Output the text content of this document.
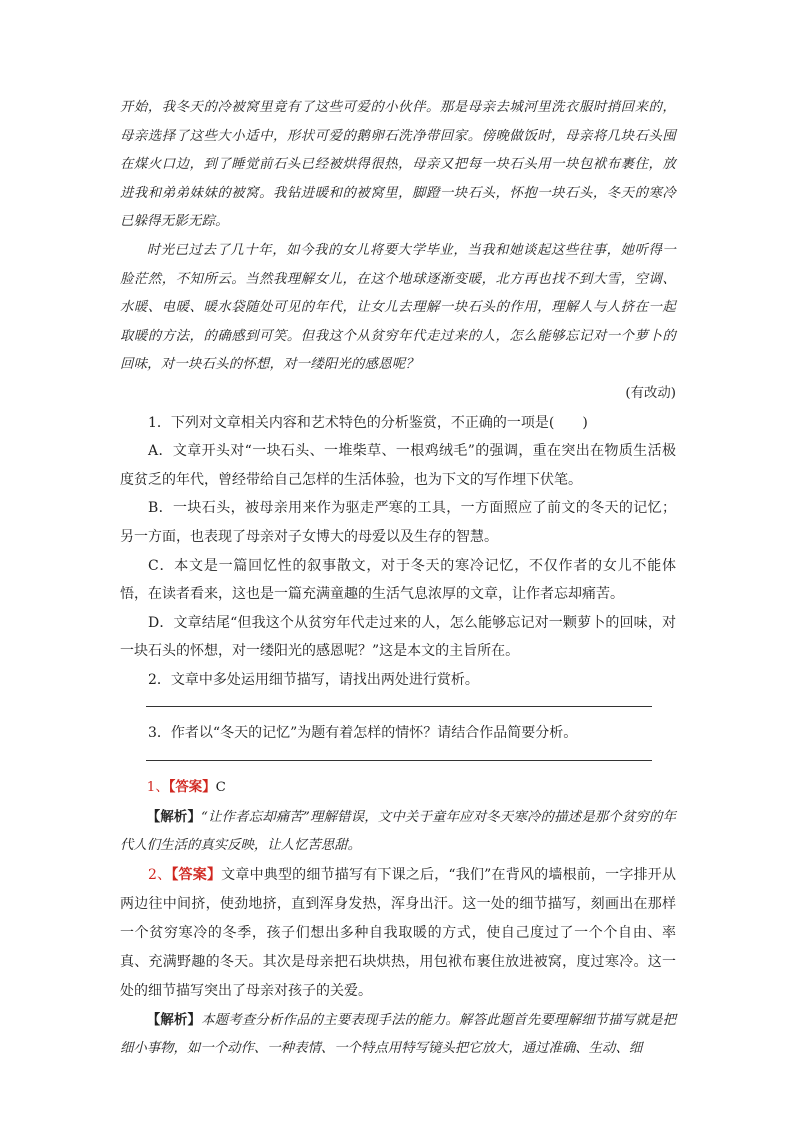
开始，我冬天的冷被窝里竟有了这些可爱的小伙伴。那是母亲去城河里洗衣服时捎回来的，母亲选择了这些大小适中，形状可爱的鹅卵石洗净带回家。傍晚做饭时，母亲将几块石头囤在煤火口边，到了睡觉前石头已经被烘得很热，母亲又把每一块石头用一块包袱布裹住，放进我和弟弟妹妹的被窝。我钻进暖和的被窝里，脚蹬一块石头，怀抱一块石头，冬天的寒冷已躲得无影无踪。

时光已过去了几十年，如今我的女儿将要大学毕业，当我和她谈起这些往事，她听得一脸茫然，不知所云。当然我理解女儿，在这个地球逐渐变暖，北方再也找不到大雪，空调、水暖、电暖、暖水袋随处可见的年代，让女儿去理解一块石头的作用，理解人与人挤在一起取暖的方法，的确感到可笑。但我这个从贫穷年代走过来的人，怎么能够忘记对一个萝卜的回味，对一块石头的怀想，对一缕阳光的感恩呢？

(有改动)

1．下列对文章相关内容和艺术特色的分析鉴赏，不正确的一项是(　　)

A．文章开头对“一块石头、一堆柴草、一根鸡绒毛”的强调，重在突出在物质生活极度贫乏的年代，曾经带给自己怎样的生活体验，也为下文的写作埋下伏笔。

B．一块石头，被母亲用来作为驱走严寒的工具，一方面照应了前文的冬天的记忆；另一方面，也表现了母亲对子女博大的母爱以及生存的智慧。

C．本文是一篇回忆性的叙事散文，对于冬天的寒冷记忆，不仅作者的女儿不能体悟，在读者看来，这也是一篇充满童趣的生活气息浓厚的文章，让作者忘却痛苦。

D．文章结尾“但我这个从贫穷年代走过来的人，怎么能够忘记对一颗萝卜的回味，对一块石头的怀想，对一缕阳光的感恩呢？”这是本文的主旨所在。

2．文章中多处运用细节描写，请找出两处进行赏析。

3．作者以“冬天的记忆”为题有着怎样的情怀？请结合作品简要分析。

1、【答案】C

【解析】“让作者忘却痛苦”理解错误，文中关于童年应对冬天寒冷的描述是那个贫穷的年代人们生活的真实反映，让人忆苦思甜。

2、【答案】文章中典型的细节描写有下课之后，“我们”在背风的墙根前，一字排开从两边往中间挤，使劲地挤，直到浑身发热，浑身出汗。这一处的细节描写，刻画出在那样一个贫穷寒冷的冬季，孩子们想出多种自我取暖的方式，使自己度过了一个个自由、率真、充满野趣的冬天。其次是母亲把石块烘热，用包袱布裹住放进被窝，度过寒冷。这一处的细节描写突出了母亲对孩子的关爱。

【解析】本题考查分析作品的主要表现手法的能力。解答此题首先要理解细节描写就是把细小事物，如一个动作、一种表情、一个特点用特写镜头把它放大，通过准确、生动、细
